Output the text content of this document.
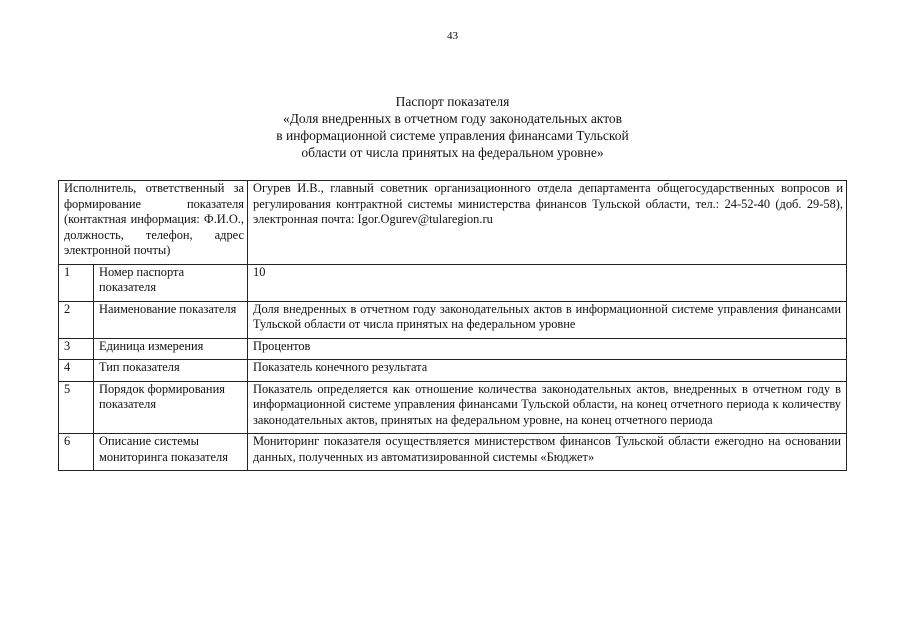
43
Паспорт показателя
«Доля внедренных в отчетном году законодательных актов
в информационной системе управления финансами Тульской
области от числа принятых на федеральном уровне»
Исполнитель, ответственный за формирование показателя (контактная информация: Ф.И.О., должность, телефон, адрес электронной почты)		Огурев И.В., главный советник организационного отдела департамента общегосударственных вопросов и регулирования контрактной системы министерства финансов Тульской области, тел.: 24-52-40 (доб. 29-58), электронная почта: Igor.Ogurev@tularegion.ru
1	Номер паспорта показателя	10
2	Наименование показателя	Доля внедренных в отчетном году законодательных актов в информационной системе управления финансами Тульской области от числа принятых на федеральном уровне
3	Единица измерения	Процентов
4	Тип показателя	Показатель конечного результата
5	Порядок формирования показателя	Показатель определяется как отношение количества законодательных актов, внедренных в отчетном году в информационной системе управления финансами Тульской области, на конец отчетного периода к количеству законодательных актов, принятых на федеральном уровне, на конец отчетного периода
6	Описание системы мониторинга показателя	Мониторинг показателя осуществляется министерством финансов Тульской области ежегодно на основании данных, полученных из автоматизированной системы «Бюджет»
